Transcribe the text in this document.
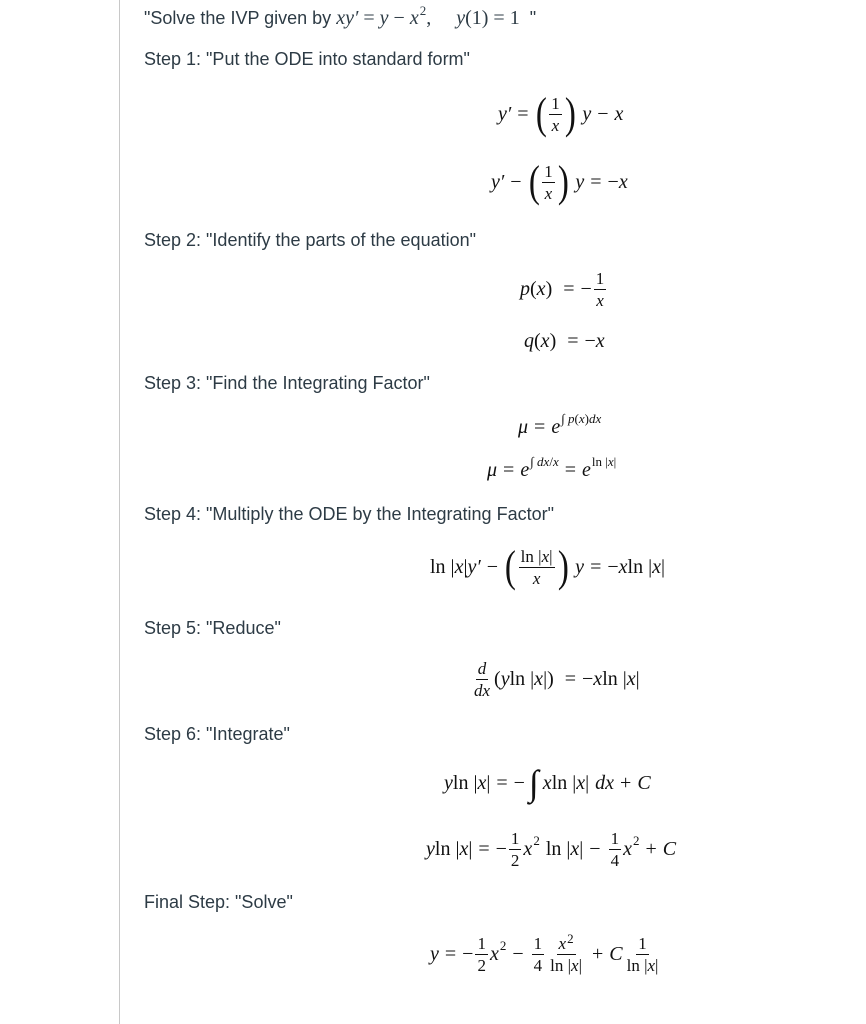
"Solve the IVP given by $xy' = y - x^2$,     y(1) = 1  "
Step 1: "Put the ODE into standard form"
y′ = ( $\frac{1}{x}$ ) y − x
y′ − ( $\frac{1}{x}$ ) y = − x
Step 2: "Identify the parts of the equation"
p ( x ) = − $\frac{1}{x}$
q ( x ) = − x
Step 3: "Find the Integrating Factor"
μ = e ∫ p(x)dx
μ = e ∫ dx/x = e ln |x|
Step 4: "Multiply the ODE by the Integrating Factor"
ln | x | y′ − ( $\frac{\ln |x|}{x}$ ) y = − x ln | x |
Step 5: "Reduce"
$\frac{d}{dx}$ ( y ln | x |) = − x ln | x |
Step 6: "Integrate"
y ln | x | = − ∫ x ln | x | dx + C
y ln | x | = − $\frac{1}{2}$ x 2 ln | x | − $\frac{1}{4}$ x 2 + C
Final Step: "Solve"
y = − $\frac{1}{2}$ x $2 - \frac{1}{4} \frac{x^2}{\ln |x|} + C \frac{1}{\ln |x|}$
